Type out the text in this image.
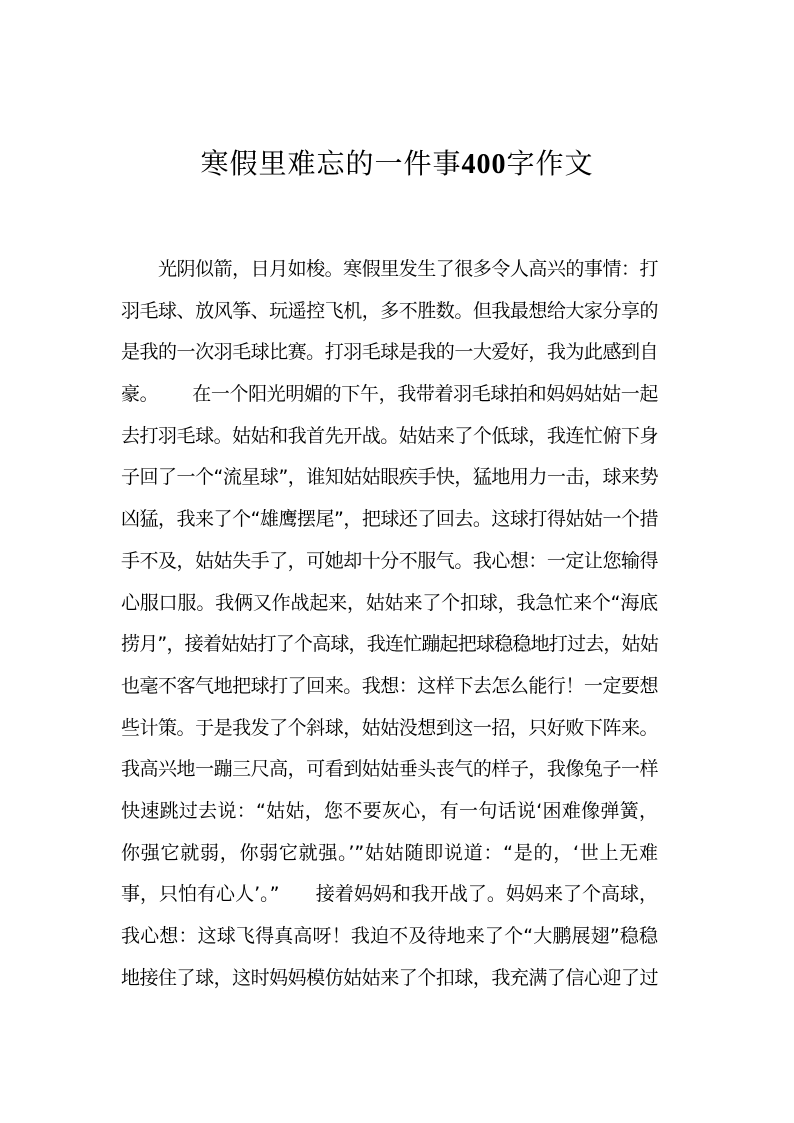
寒假里难忘的一件事400字作文
光阴似箭，日月如梭。寒假里发生了很多令人高兴的事情：打
羽毛球、放风筝、玩遥控飞机，多不胜数。但我最想给大家分享的
是我的一次羽毛球比赛。打羽毛球是我的一大爱好，我为此感到自
豪。      在一个阳光明媚的下午，我带着羽毛球拍和妈妈姑姑一起
去打羽毛球。姑姑和我首先开战。姑姑来了个低球，我连忙俯下身
子回了一个“流星球”，谁知姑姑眼疾手快，猛地用力一击，球来势
凶猛，我来了个“雄鹰摆尾”，把球还了回去。这球打得姑姑一个措
手不及，姑姑失手了，可她却十分不服气。我心想：一定让您输得
心服口服。我俩又作战起来，姑姑来了个扣球，我急忙来个“海底
捞月”，接着姑姑打了个高球，我连忙蹦起把球稳稳地打过去，姑姑
也毫不客气地把球打了回来。我想：这样下去怎么能行！一定要想
些计策。于是我发了个斜球，姑姑没想到这一招，只好败下阵来。
我高兴地一蹦三尺高，可看到姑姑垂头丧气的样子，我像兔子一样
快速跳过去说：“姑姑，您不要灰心，有一句话说‘困难像弹簧，
你强它就弱，你弱它就强。’”姑姑随即说道：“是的，‘世上无难
事，只怕有心人’。”      接着妈妈和我开战了。妈妈来了个高球，
我心想：这球飞得真高呀！我迫不及待地来了个“大鹏展翅”稳稳
地接住了球，这时妈妈模仿姑姑来了个扣球，我充满了信心迎了过
